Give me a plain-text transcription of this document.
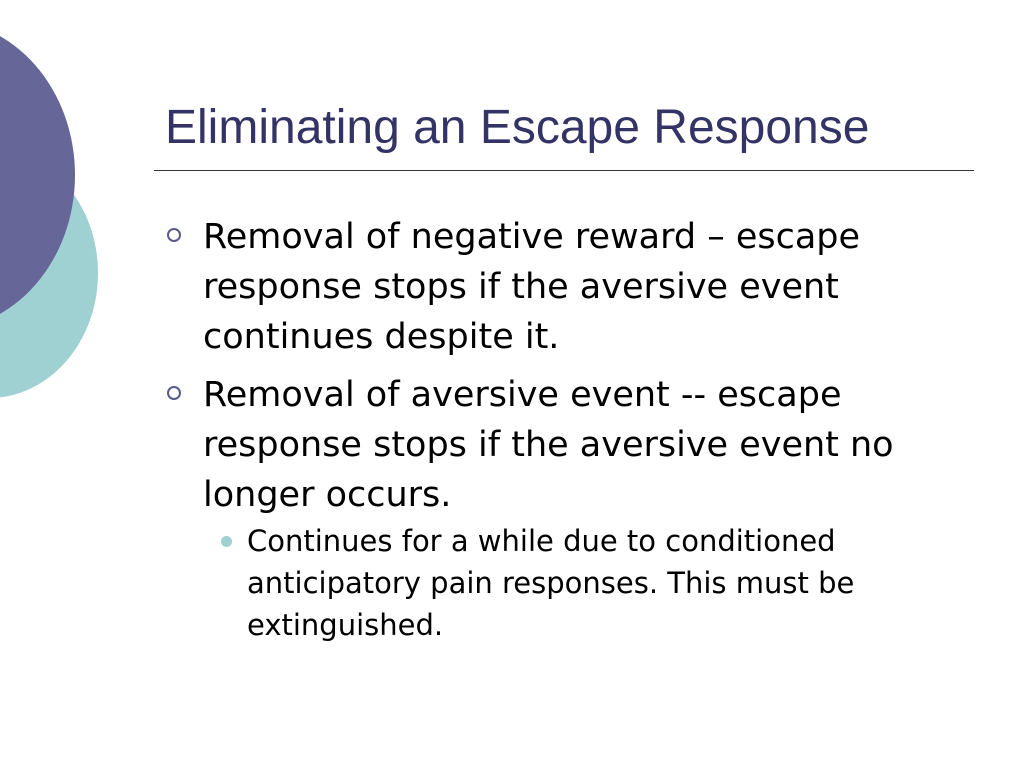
Eliminating an Escape Response
Removal of negative reward – escape response stops if the aversive event continues despite it.
Removal of aversive event -- escape response stops if the aversive event no longer occurs.
Continues for a while due to conditioned anticipatory pain responses. This must be extinguished.
